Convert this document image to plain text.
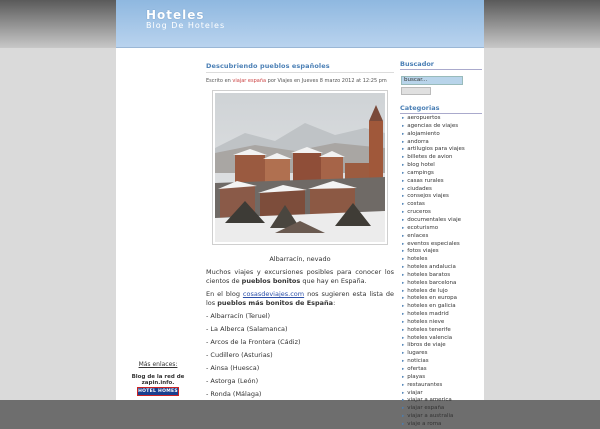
Hoteles
Blog De Hoteles
Más enlaces:
Blog de la red de zapin.info.
HOTEL HOMES
Descubriendo pueblos españoles
Escrito en viajar españa por Viajes en Jueves 8 marzo 2012 at 12:25 pm
Albarracín, nevado
Muchos viajes y excursiones posibles para conocer los cientos de pueblos bonitos que hay en España.
En el blog cosasdeviajes.com nos sugieren esta lista de los pueblos más bonitos de España:
- Albarracín (Teruel)
- La Alberca (Salamanca)
- Arcos de la Frontera (Cádiz)
- Cudillero (Asturias)
- Ainsa (Huesca)
- Astorga (León)
- Ronda (Málaga)
Buscador
buscar...
Categorias
▸ aeropuertos
▸ agencias de viajes
▸ alojamiento
▸ andorra
▸ artilugios para viajes
▸ billetes de avion
▸ blog hotel
▸ campings
▸ casas rurales
▸ ciudades
▸ consejos viajes
▸ costas
▸ cruceros
▸ documentales viaje
▸ ecoturismo
▸ enlaces
▸ eventos especiales
▸ fotos viajes
▸ hoteles
▸ hoteles andalucia
▸ hoteles baratos
▸ hoteles barcelona
▸ hoteles de lujo
▸ hoteles en europa
▸ hoteles en galicia
▸ hoteles madrid
▸ hoteles nieve
▸ hoteles tenerife
▸ hoteles valencia
▸ libros de viaje
▸ lugares
▸ noticias
▸ ofertas
▸ playas
▸ restaurantes
▸ viajar
▸ viajar a america
▸ viajar españa
▸ viajar a australia
▸ viaje a roma
